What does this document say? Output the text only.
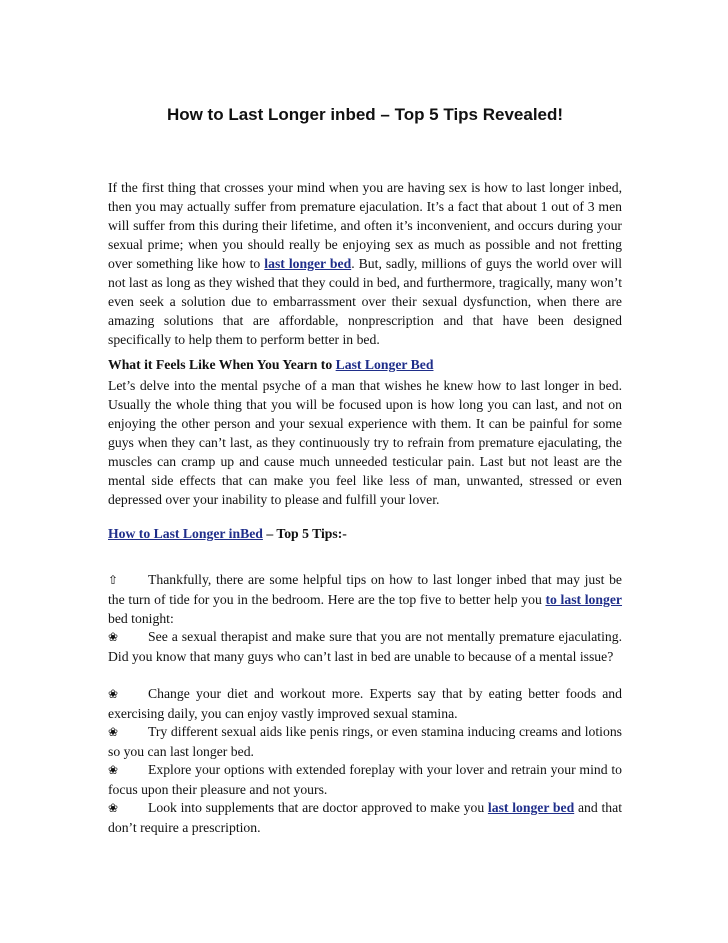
How to Last Longer inbed – Top 5 Tips Revealed!

If the first thing that crosses your mind when you are having sex is how to last longer inbed, then you may actually suffer from premature ejaculation. It’s a fact that about 1 out of 3 men will suffer from this during their lifetime, and often it’s inconvenient, and occurs during your sexual prime; when you should really be enjoying sex as much as possible and not fretting over something like how to last longer bed. But, sadly, millions of guys the world over will not last as long as they wished that they could in bed, and furthermore, tragically, many won’t even seek a solution due to embarrassment over their sexual dysfunction, when there are amazing solutions that are affordable, nonprescription and that have been designed specifically to help them to perform better in bed.

What it Feels Like When You Yearn to Last Longer Bed

Let’s delve into the mental psyche of a man that wishes he knew how to last longer in bed. Usually the whole thing that you will be focused upon is how long you can last, and not on enjoying the other person and your sexual experience with them. It can be painful for some guys when they can’t last, as they continuously try to refrain from premature ejaculating, the muscles can cramp up and cause much unneeded testicular pain. Last but not least are the mental side effects that can make you feel like less of man, unwanted, stressed or even depressed over your inability to please and fulfill your lover.

How to Last Longer inBed – Top 5 Tips:-

⇧ Thankfully, there are some helpful tips on how to last longer inbed that may just be the turn of tide for you in the bedroom. Here are the top five to better help you to last longer bed tonight:

❀ See a sexual therapist and make sure that you are not mentally premature ejaculating. Did you know that many guys who can’t last in bed are unable to because of a mental issue?

❀ Change your diet and workout more. Experts say that by eating better foods and exercising daily, you can enjoy vastly improved sexual stamina.

❀ Try different sexual aids like penis rings, or even stamina inducing creams and lotions so you can last longer bed.

❀ Explore your options with extended foreplay with your lover and retrain your mind to focus upon their pleasure and not yours.

❀ Look into supplements that are doctor approved to make you last longer bed and that don’t require a prescription.
